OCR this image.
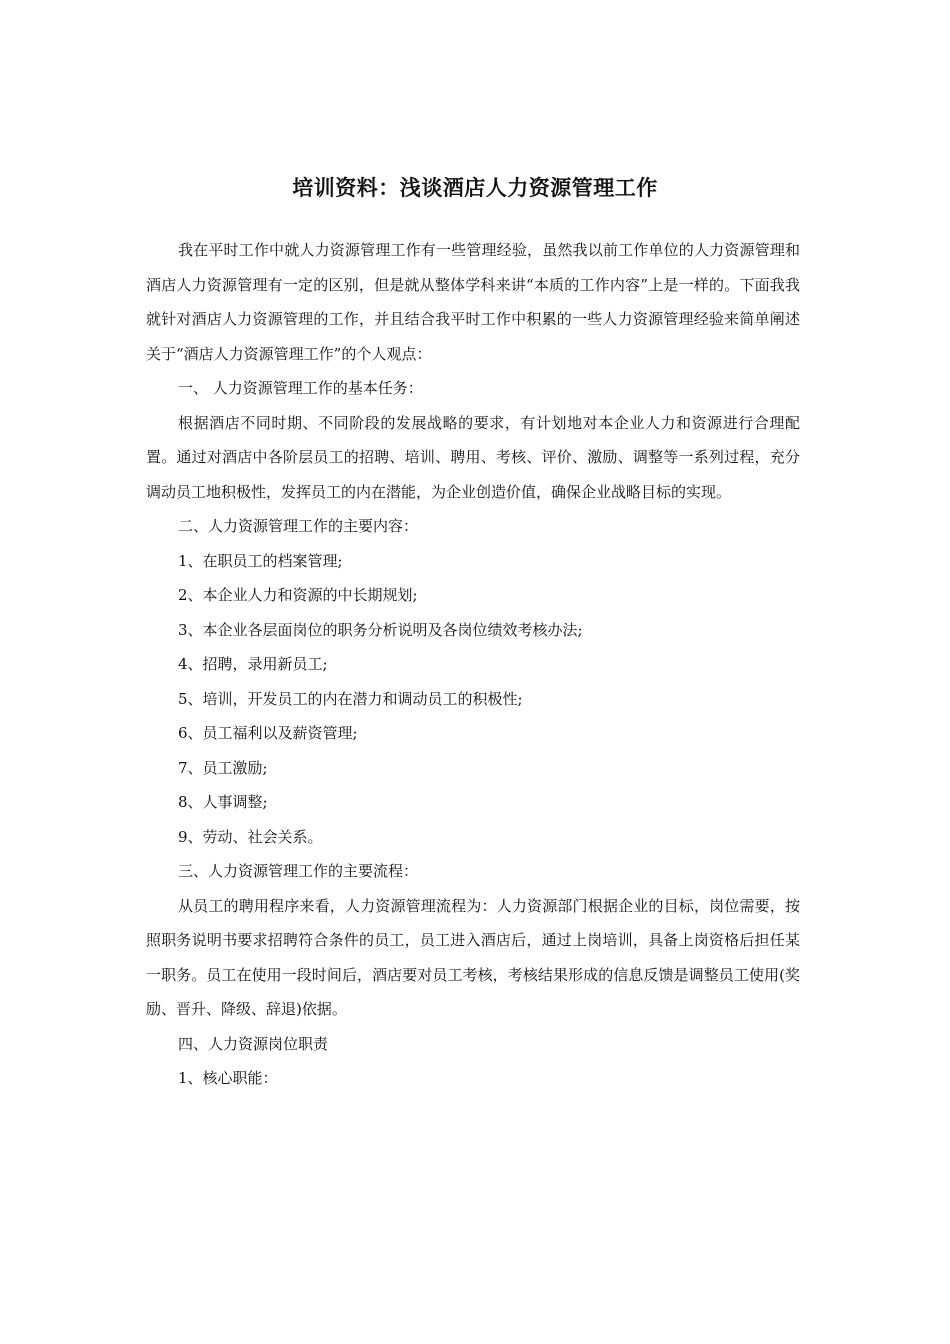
培训资料：浅谈酒店人力资源管理工作

我在平时工作中就人力资源管理工作有一些管理经验，虽然我以前工作单位的人力资源管理和酒店人力资源管理有一定的区别，但是就从整体学科来讲“本质的工作内容”上是一样的。下面我我就针对酒店人力资源管理的工作，并且结合我平时工作中积累的一些人力资源管理经验来简单阐述关于“酒店人力资源管理工作”的个人观点：

一、 人力资源管理工作的基本任务：

根据酒店不同时期、不同阶段的发展战略的要求，有计划地对本企业人力和资源进行合理配置。通过对酒店中各阶层员工的招聘、培训、聘用、考核、评价、激励、调整等一系列过程，充分调动员工地积极性，发挥员工的内在潜能，为企业创造价值，确保企业战略目标的实现。

二、人力资源管理工作的主要内容：

1、在职员工的档案管理;

2、本企业人力和资源的中长期规划;

3、本企业各层面岗位的职务分析说明及各岗位绩效考核办法;

4、招聘，录用新员工;

5、培训，开发员工的内在潜力和调动员工的积极性;

6、员工福利以及薪资管理;

7、员工激励;

8、人事调整;

9、劳动、社会关系。

三、人力资源管理工作的主要流程：

从员工的聘用程序来看，人力资源管理流程为：人力资源部门根据企业的目标，岗位需要，按照职务说明书要求招聘符合条件的员工，员工进入酒店后，通过上岗培训，具备上岗资格后担任某一职务。员工在使用一段时间后，酒店要对员工考核，考核结果形成的信息反馈是调整员工使用(奖励、晋升、降级、辞退)依据。

四、人力资源岗位职责

1、核心职能：
